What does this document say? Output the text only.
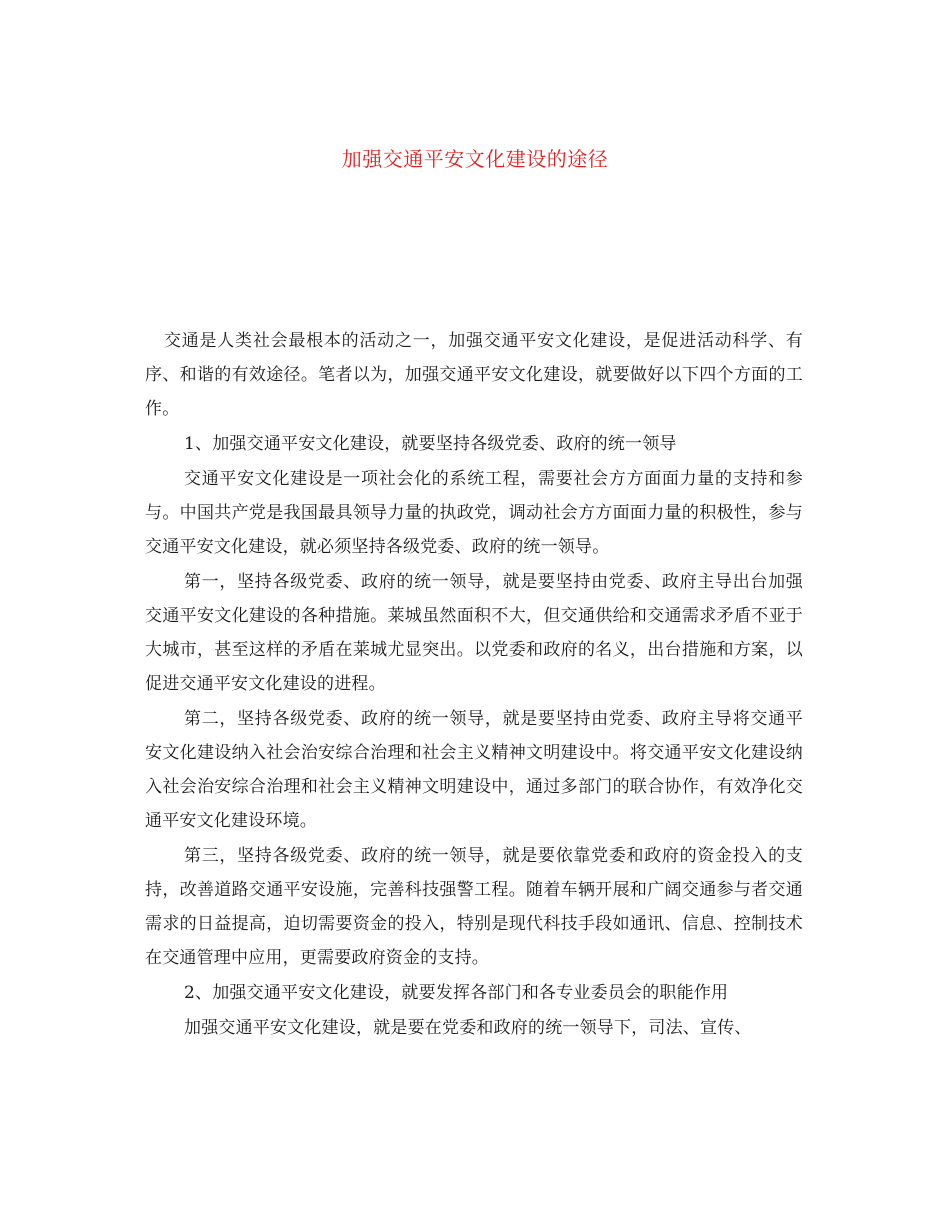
加强交通平安文化建设的途径

交通是人类社会最根本的活动之一，加强交通平安文化建设，是促进活动科学、有序、和谐的有效途径。笔者以为，加强交通平安文化建设，就要做好以下四个方面的工作。

1、加强交通平安文化建设，就要坚持各级党委、政府的统一领导

交通平安文化建设是一项社会化的系统工程，需要社会方方面面力量的支持和参与。中国共产党是我国最具领导力量的执政党，调动社会方方面面力量的积极性，参与交通平安文化建设，就必须坚持各级党委、政府的统一领导。

第一，坚持各级党委、政府的统一领导，就是要坚持由党委、政府主导出台加强交通平安文化建设的各种措施。莱城虽然面积不大，但交通供给和交通需求矛盾不亚于大城市，甚至这样的矛盾在莱城尤显突出。以党委和政府的名义，出台措施和方案，以促进交通平安文化建设的进程。

第二，坚持各级党委、政府的统一领导，就是要坚持由党委、政府主导将交通平安文化建设纳入社会治安综合治理和社会主义精神文明建设中。将交通平安文化建设纳入社会治安综合治理和社会主义精神文明建设中，通过多部门的联合协作，有效净化交通平安文化建设环境。

第三，坚持各级党委、政府的统一领导，就是要依靠党委和政府的资金投入的支持，改善道路交通平安设施，完善科技强警工程。随着车辆开展和广阔交通参与者交通需求的日益提高，迫切需要资金的投入，特别是现代科技手段如通讯、信息、控制技术在交通管理中应用，更需要政府资金的支持。

2、加强交通平安文化建设，就要发挥各部门和各专业委员会的职能作用

加强交通平安文化建设，就是要在党委和政府的统一领导下，司法、宣传、
